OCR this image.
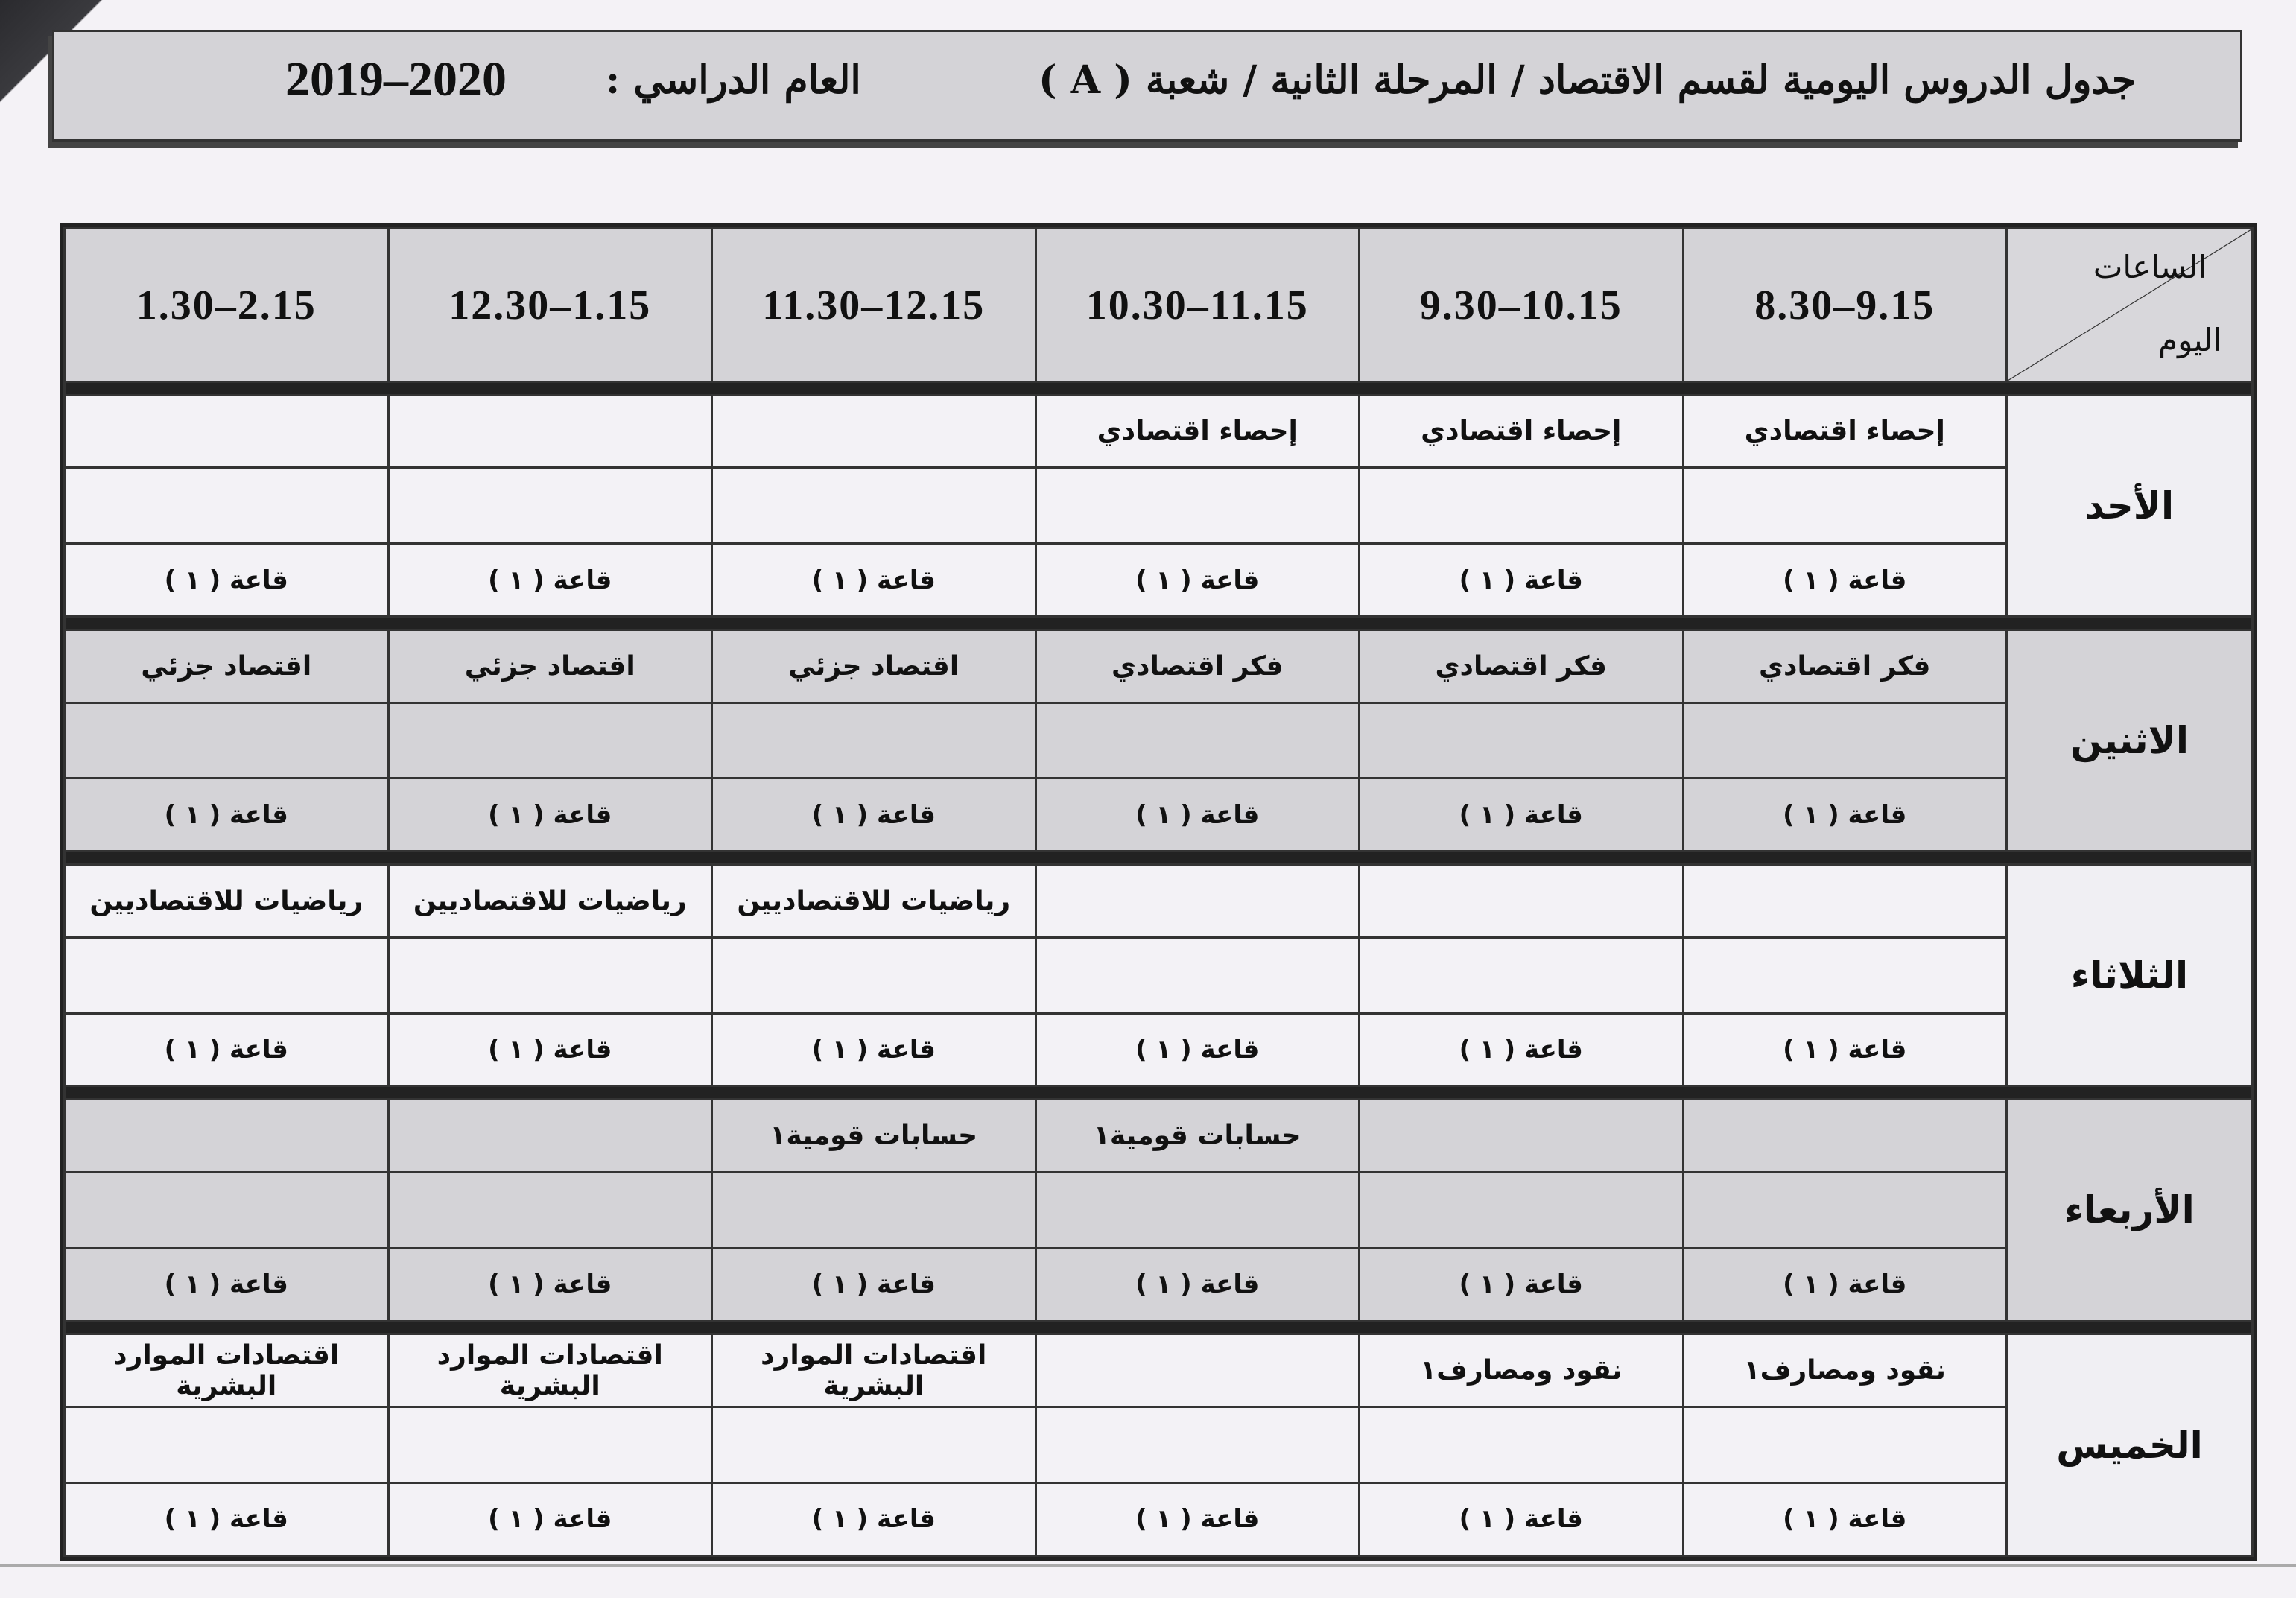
جدول الدروس اليومية لقسم الاقتصاد / المرحلة الثانية / شعبة ( A )
العام الدراسي :
2019–2020
الساعات
اليوم	9.15–8.30	10.15–9.30	11.15–10.30	12.15–11.30	1.15–12.30	2.15–1.30

الأحد	إحصاء اقتصادي	إحصاء اقتصادي	إحصاء اقتصادي			

	قاعة ( ١ )	قاعة ( ١ )	قاعة ( ١ )	قاعة ( ١ )	قاعة ( ١ )	قاعة ( ١ )

الاثنين	فكر اقتصادي	فكر اقتصادي	فكر اقتصادي	اقتصاد جزئي	اقتصاد جزئي	اقتصاد جزئي

	قاعة ( ١ )	قاعة ( ١ )	قاعة ( ١ )	قاعة ( ١ )	قاعة ( ١ )	قاعة ( ١ )

الثلاثاء				رياضيات للاقتصاديين	رياضيات للاقتصاديين	رياضيات للاقتصاديين

	قاعة ( ١ )	قاعة ( ١ )	قاعة ( ١ )	قاعة ( ١ )	قاعة ( ١ )	قاعة ( ١ )

الأربعاء			حسابات قومية١	حسابات قومية١		

	قاعة ( ١ )	قاعة ( ١ )	قاعة ( ١ )	قاعة ( ١ )	قاعة ( ١ )	قاعة ( ١ )

الخميس	نقود ومصارف١	نقود ومصارف١		اقتصادات الموارد البشرية	اقتصادات الموارد البشرية	اقتصادات الموارد البشرية

	قاعة ( ١ )	قاعة ( ١ )	قاعة ( ١ )	قاعة ( ١ )	قاعة ( ١ )	قاعة ( ١ )
